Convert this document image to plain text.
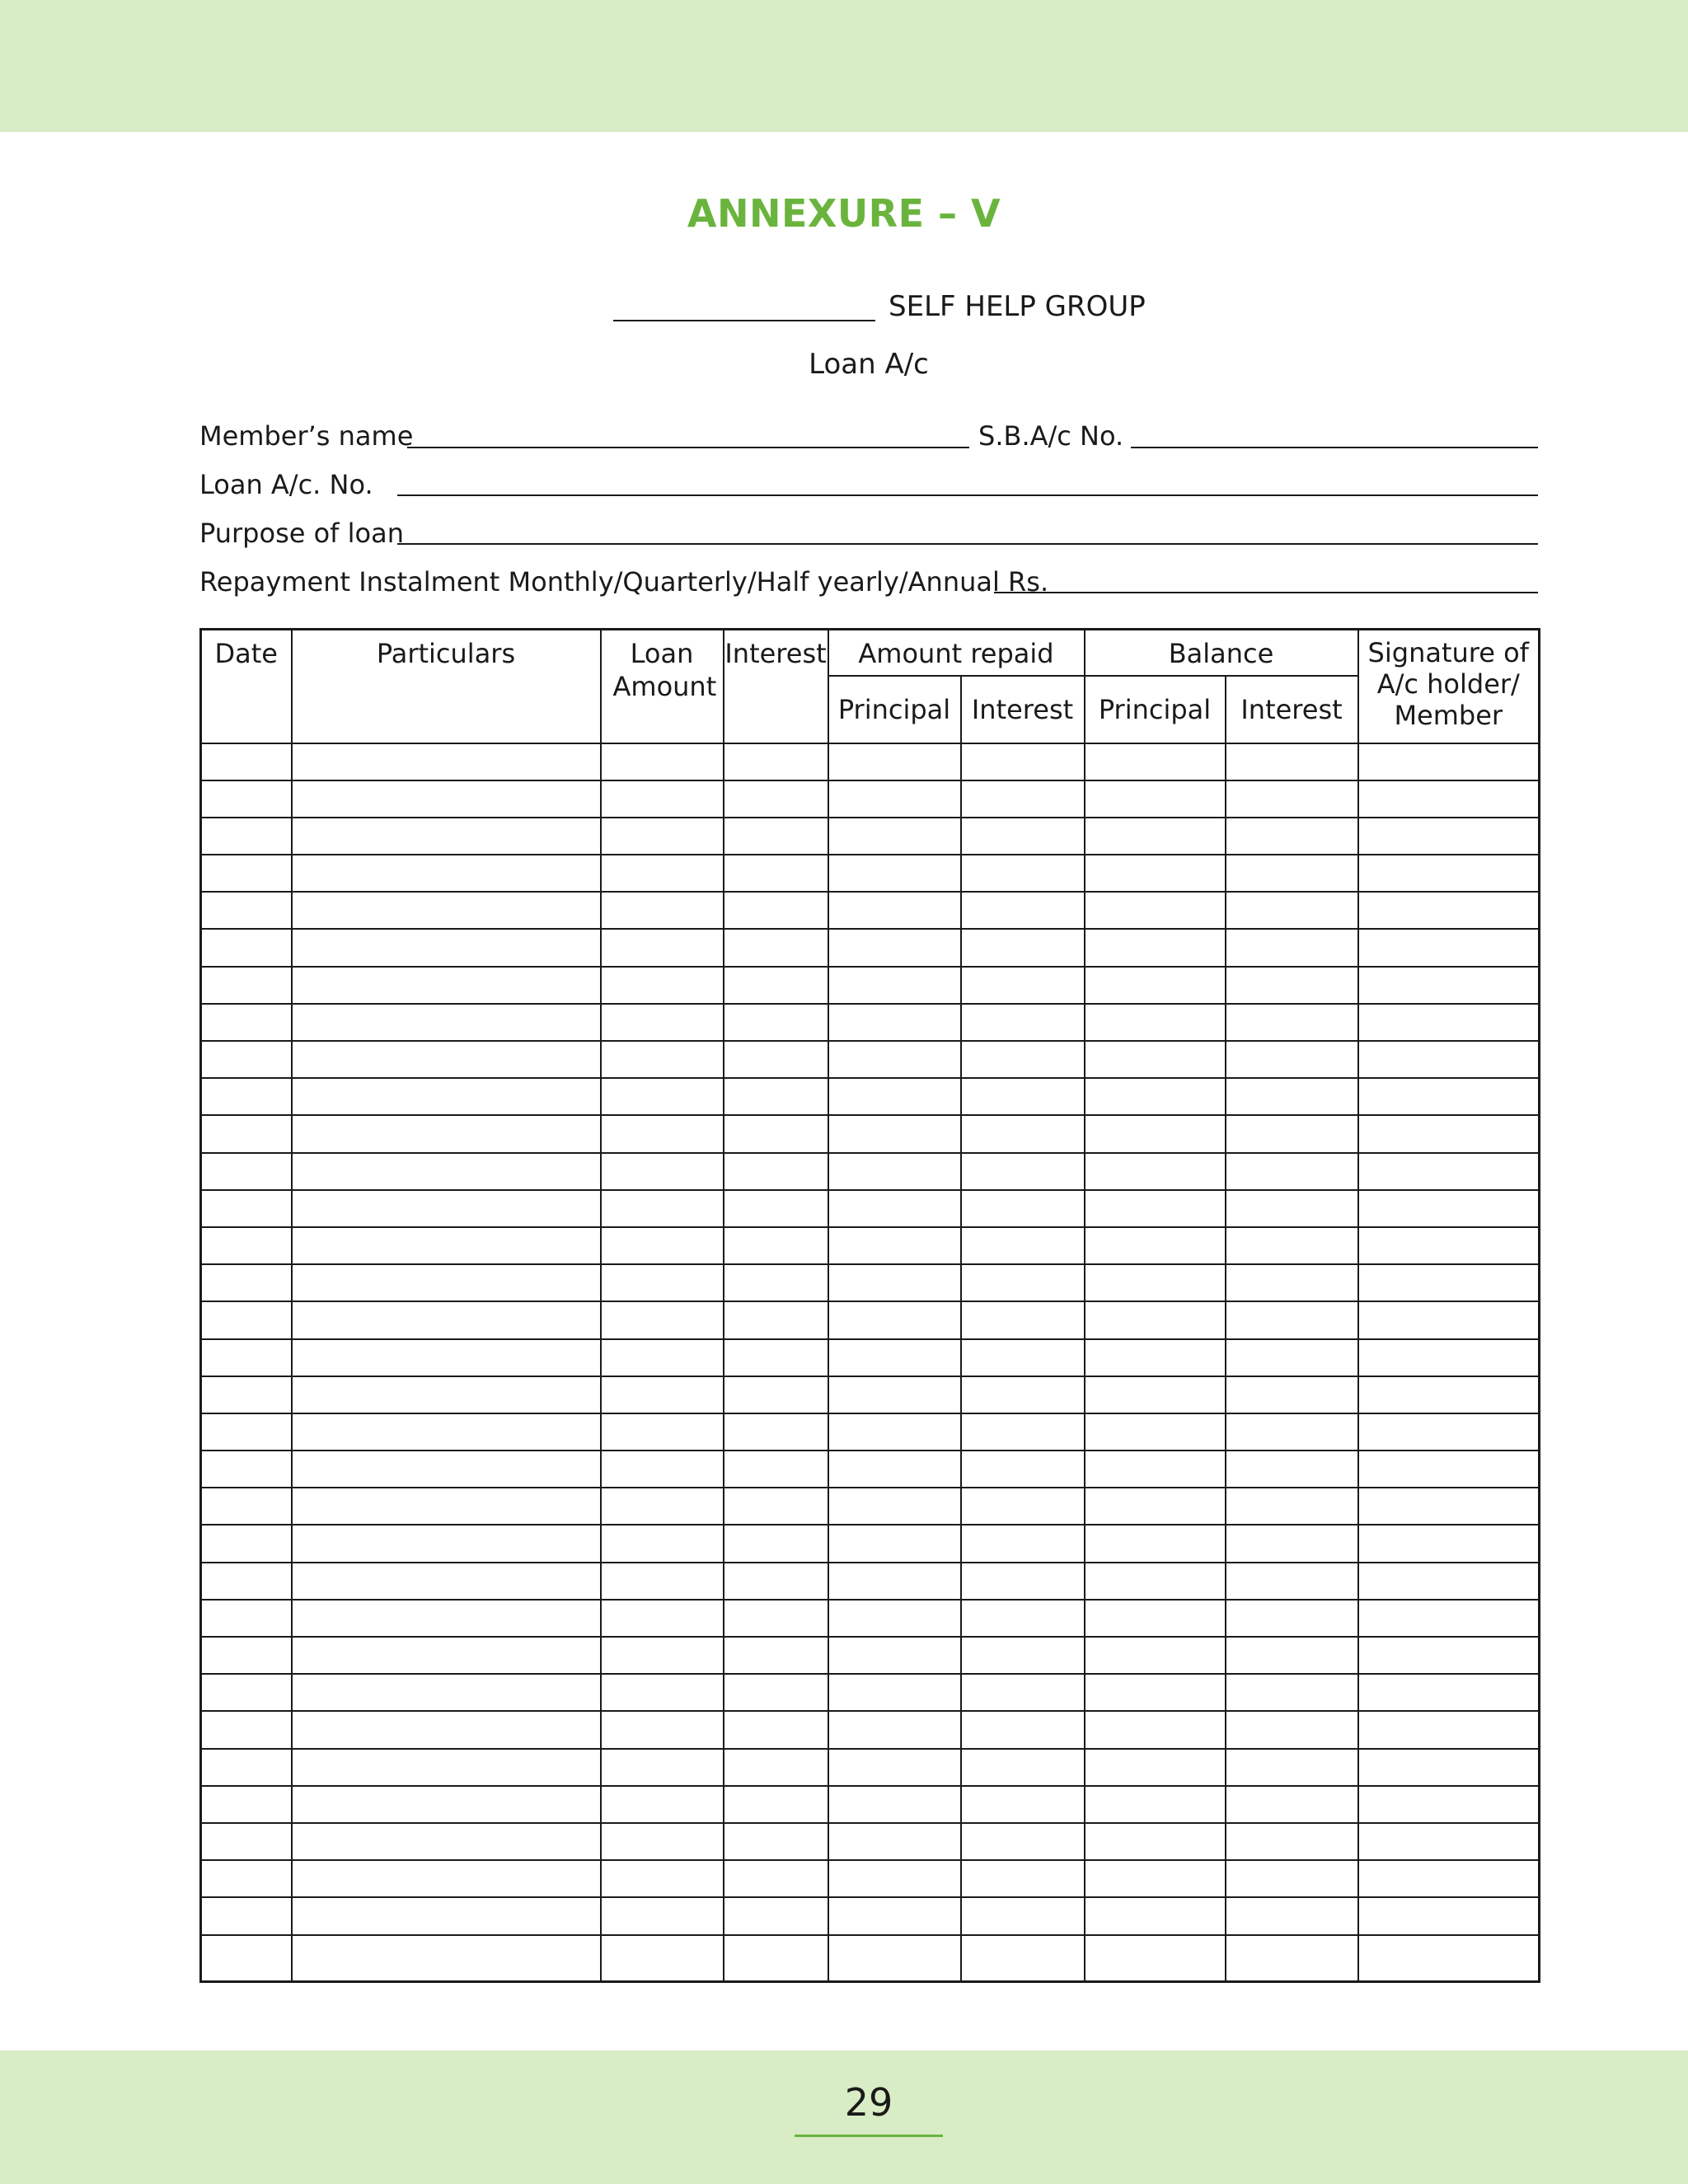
ANNEXURE – V
SELF HELP GROUP
Loan A/c
Member’s name	S.B.A/c No.
Loan A/c. No.
Purpose of loan
Repayment Instalment Monthly/Quarterly/Half yearly/Annual Rs.
Date	Particulars	Loan Amount	Interest	Amount repaid		Balance		Signature of A/c holder/ Member
				Principal	Interest	Principal	Interest	

29
